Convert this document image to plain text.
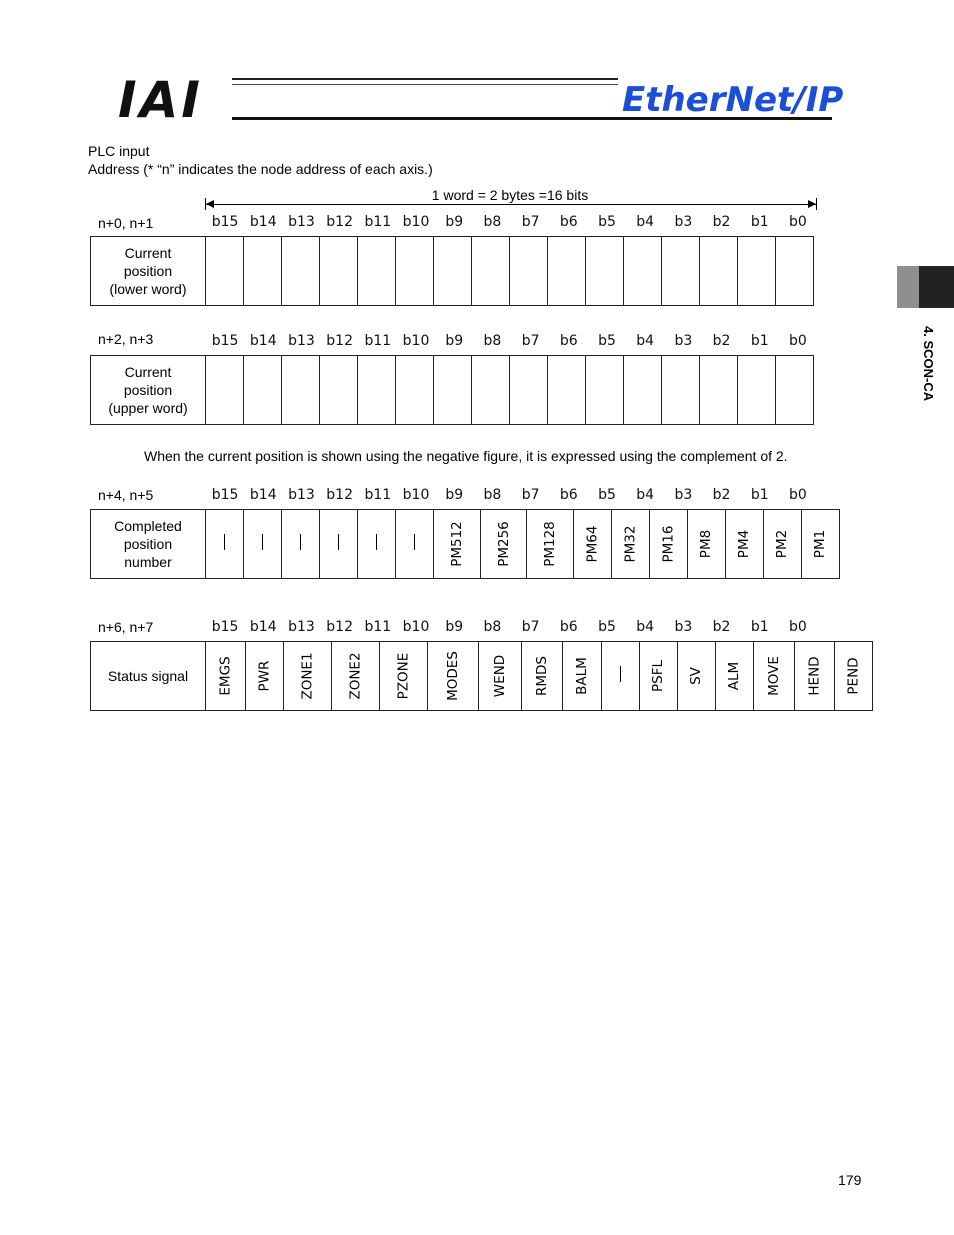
IAI	EtherNet/IP
4. SCON-CA
PLC input
Address (* “n” indicates the node address of each axis.)
1 word = 2 bytes =16 bits
n+0, n+1	b15 b14 b13 b12 b11 b10	b9	b8	b7	b6	b5	b4	b3	b2	b1	b0
Current
position
(lower word)

n+2, n+3	b15 b14 b13 b12 b11 b10	b9	b8	b7	b6	b5	b4	b3	b2	b1	b0
Current
position
(upper word)

When the current position is shown using the negative figure, it is expressed using the complement of 2.
n+4, n+5	b15 b14 b13 b12 b11 b10	b9	b8	b7	b6	b5	b4	b3	b2	b1	b0
Completed
position
number							PM512	PM256	PM128	PM64	PM32	PM16	PM8	PM4	PM2	PM1
n+6, n+7	b15 b14 b13 b12 b11 b10	b9	b8	b7	b6	b5	b4	b3	b2	b1	b0
Status signal	EMGS	PWR	ZONE1	ZONE2	PZONE	MODES	WEND	RMDS	BALM		PSFL	SV	ALM	MOVE	HEND	PEND
179
